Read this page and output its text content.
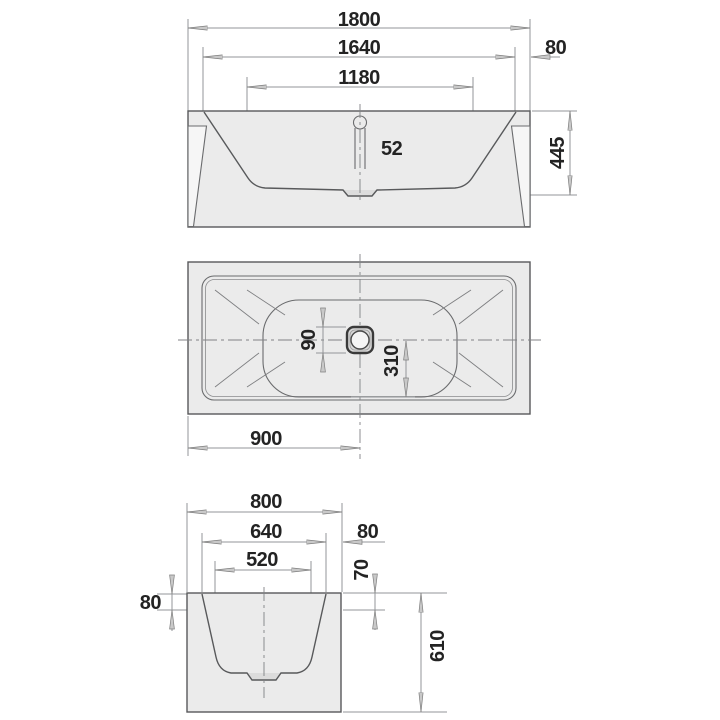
1800
1640	80
1180
52	445
90
310
900
800
640	80
520	70
80
610
